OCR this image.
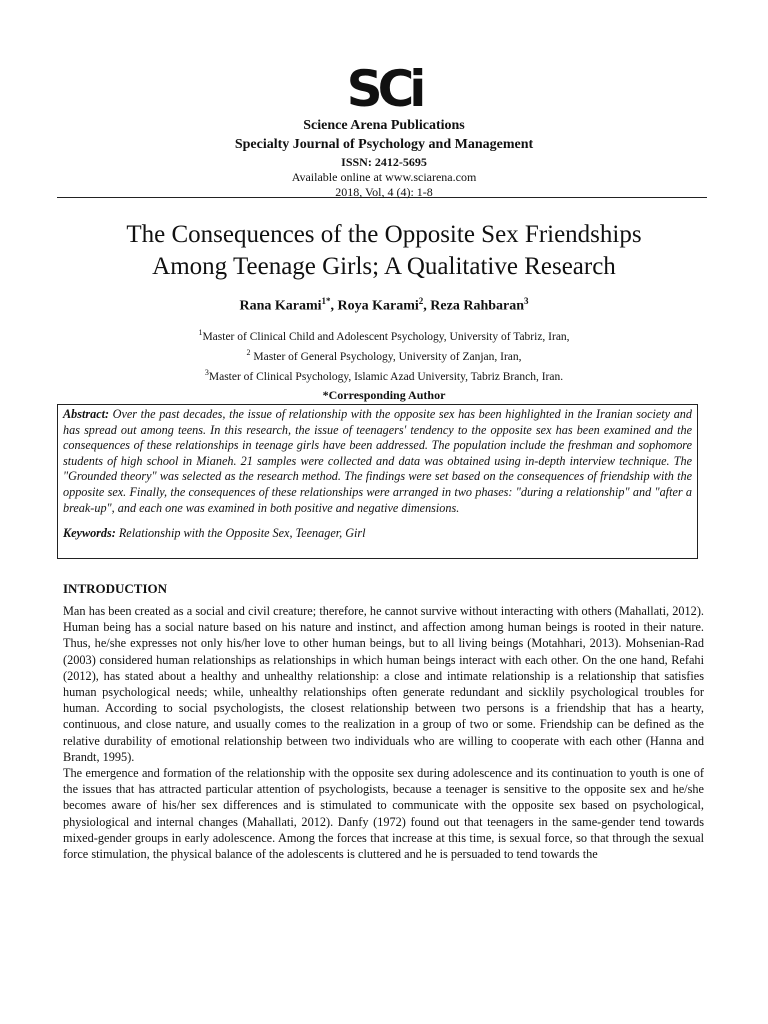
SCi
Science Arena Publications
Specialty Journal of Psychology and Management
ISSN: 2412-5695
Available online at www.sciarena.com
2018, Vol, 4 (4): 1-8
The Consequences of the Opposite Sex Friendships
Among Teenage Girls; A Qualitative Research
Rana Karami$^{1*}$, Roya Karami$^2$, Reza Rahbaran$^3$
$^1$Master of Clinical Child and Adolescent Psychology, University of Tabriz, Iran,
$^2$ Master of General Psychology, University of Zanjan, Iran,
$^3$Master of Clinical Psychology, Islamic Azad University, Tabriz Branch, Iran.
*Corresponding Author
Abstract: Over the past decades, the issue of relationship with the opposite sex has been highlighted in the Iranian society and has spread out among teens. In this research, the issue of teenagers' tendency to the opposite sex has been examined and the consequences of these relationships in teenage girls have been addressed. The population include the freshman and sophomore students of high school in Mianeh. 21 samples were collected and data was obtained using in-depth interview technique. The "Grounded theory" was selected as the research method. The findings were set based on the consequences of friendship with the opposite sex. Finally, the consequences of these relationships were arranged in two phases: "during a relationship" and "after a break-up", and each one was examined in both positive and negative dimensions.
Keywords: Relationship with the Opposite Sex, Teenager, Girl
INTRODUCTION

Man has been created as a social and civil creature; therefore, he cannot survive without interacting with others (Mahallati, 2012). Human being has a social nature based on his nature and instinct, and affection among human beings is rooted in their nature. Thus, he/she expresses not only his/her love to other human beings, but to all living beings (Motahhari, 2013). Mohsenian-Rad (2003) considered human relationships as relationships in which human beings interact with each other. On the one hand, Refahi (2012), has stated about a healthy and unhealthy relationship: a close and intimate relationship is a relationship that satisfies human psychological needs; while, unhealthy relationships often generate redundant and sicklily psychological troubles for human. According to social psychologists, the closest relationship between two persons is a friendship that has a hearty, continuous, and close nature, and usually comes to the realization in a group of two or some. Friendship can be defined as the relative durability of emotional relationship between two individuals who are willing to cooperate with each other (Hanna and Brandt, 1995).

The emergence and formation of the relationship with the opposite sex during adolescence and its continuation to youth is one of the issues that has attracted particular attention of psychologists, because a teenager is sensitive to the opposite sex and he/she becomes aware of his/her sex differences and is stimulated to communicate with the opposite sex based on psychological, physiological and internal changes (Mahallati, 2012). Danfy (1972) found out that teenagers in the same-gender tend towards mixed-gender groups in early adolescence. Among the forces that increase at this time, is sexual force, so that through the sexual force stimulation, the physical balance of the adolescents is cluttered and he is persuaded to tend towards the
